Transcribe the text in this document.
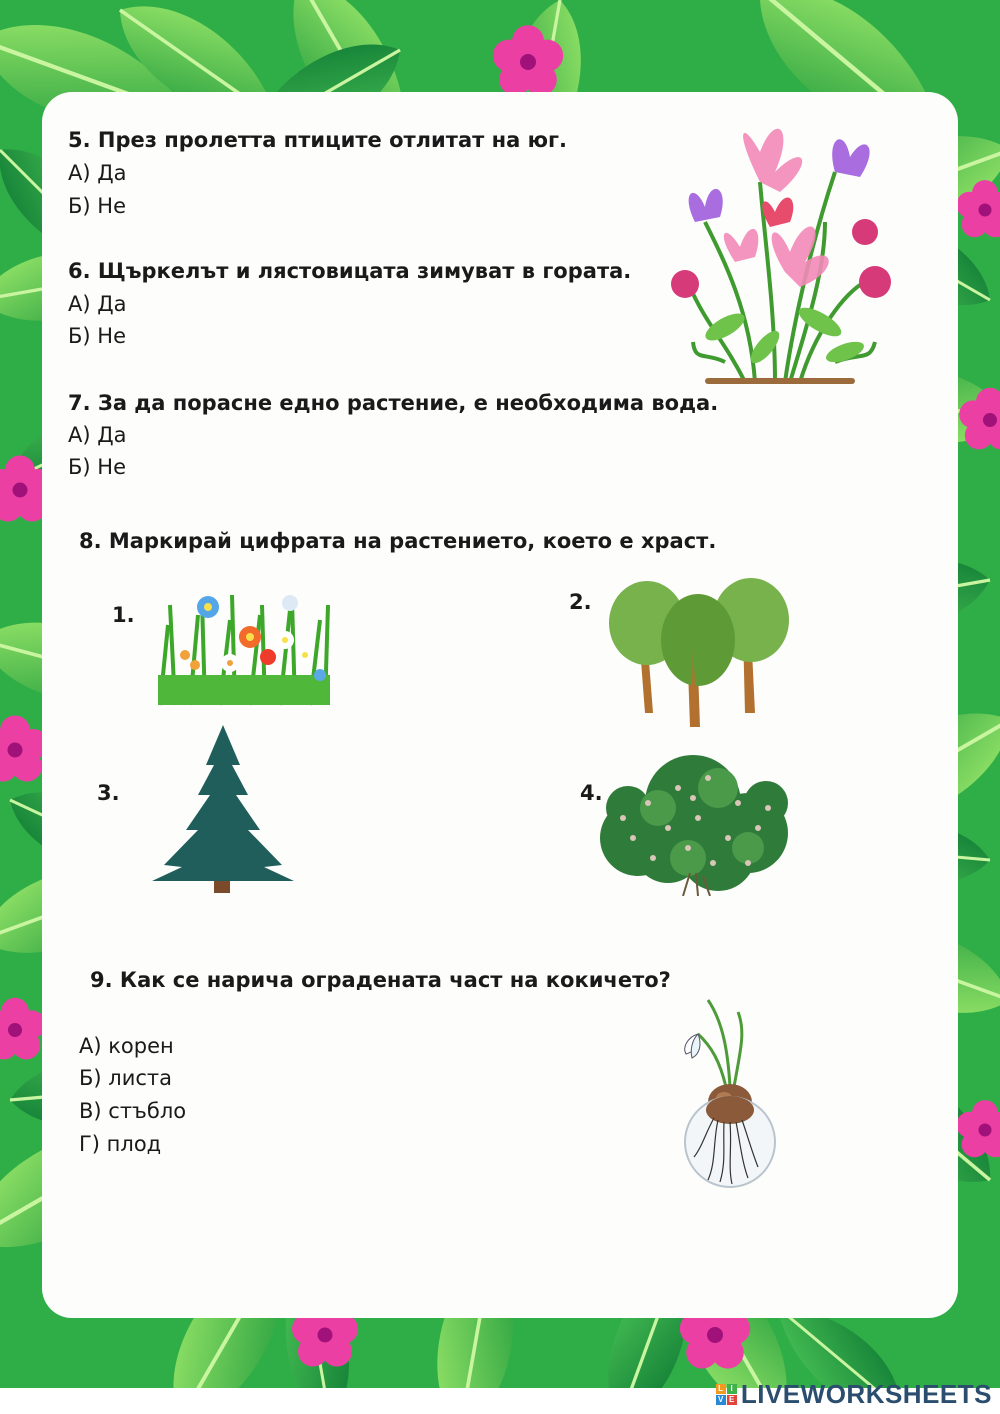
5. През пролетта птиците отлитат на юг.
А) Да
Б) Не
6. Щъркелът и лястовицата зимуват в гората.
А) Да
Б) Не
7. За да порасне едно растение, е необходима вода.
А) Да
Б) Не
8. Маркирай цифрата на растението, което е храст.
1.
2.
3.	4.
9. Как се нарича оградената част на кокичето?
А) корен
Б) листа
В) стъбло
Г) плод
L I
V E LIVEWORKSHEETS
